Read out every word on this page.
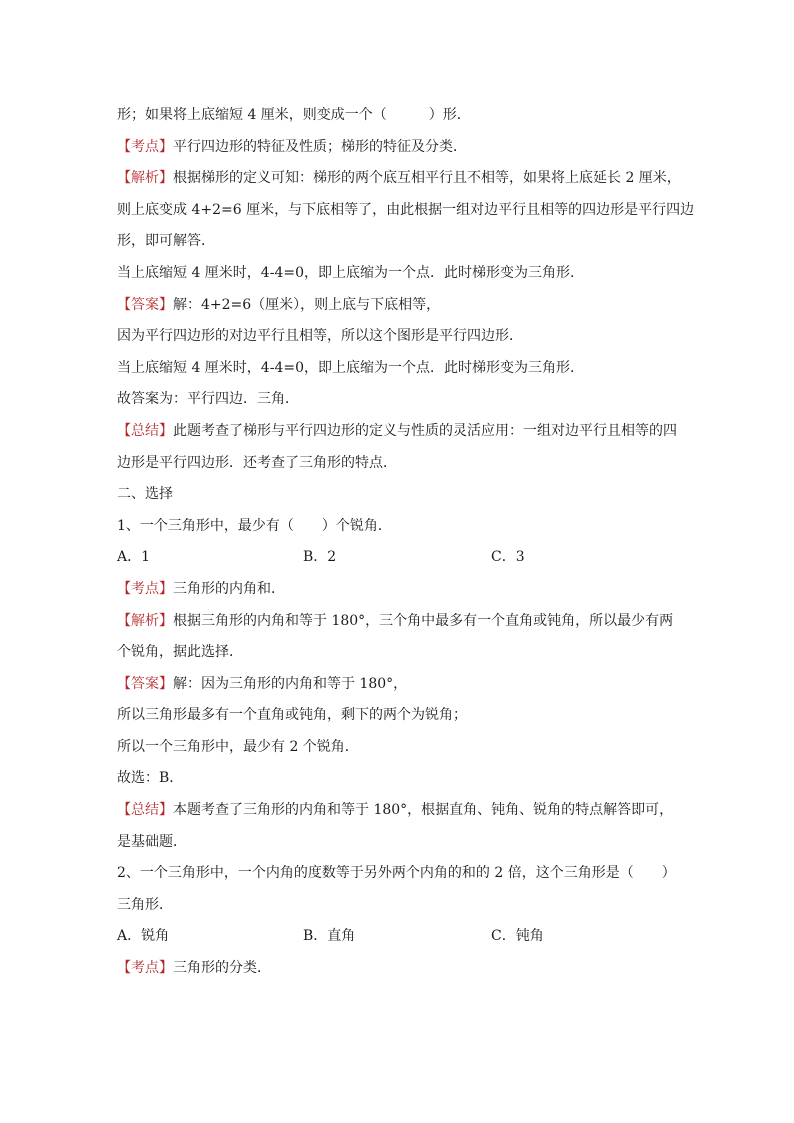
形；如果将上底缩短 4 厘米，则变成一个（　　　）形．
【考点】平行四边形的特征及性质；梯形的特征及分类．
【解析】根据梯形的定义可知：梯形的两个底互相平行且不相等，如果将上底延长 2 厘米，
则上底变成 4+2=6 厘米，与下底相等了，由此根据一组对边平行且相等的四边形是平行四边
形，即可解答．
当上底缩短 4 厘米时，4-4=0，即上底缩为一个点．此时梯形变为三角形．
【答案】解：4+2=6（厘米），则上底与下底相等，
因为平行四边形的对边平行且相等，所以这个图形是平行四边形．
当上底缩短 4 厘米时，4-4=0，即上底缩为一个点．此时梯形变为三角形．
故答案为：平行四边．三角．
【总结】此题考查了梯形与平行四边形的定义与性质的灵活应用：一组对边平行且相等的四
边形是平行四边形．还考查了三角形的特点．
二、选择
1、一个三角形中，最少有（　　）个锐角．
A．1	B．2	C．3
【考点】三角形的内角和．
【解析】根据三角形的内角和等于 180°，三个角中最多有一个直角或钝角，所以最少有两
个锐角，据此选择．
【答案】解：因为三角形的内角和等于 180°，
所以三角形最多有一个直角或钝角，剩下的两个为锐角；
所以一个三角形中，最少有 2 个锐角．
故选：B．
【总结】本题考查了三角形的内角和等于 180°，根据直角、钝角、锐角的特点解答即可，
是基础题．
2、一个三角形中，一个内角的度数等于另外两个内角的和的 2 倍，这个三角形是（　　）
三角形．
A．锐角	B．直角	C．钝角
【考点】三角形的分类．
